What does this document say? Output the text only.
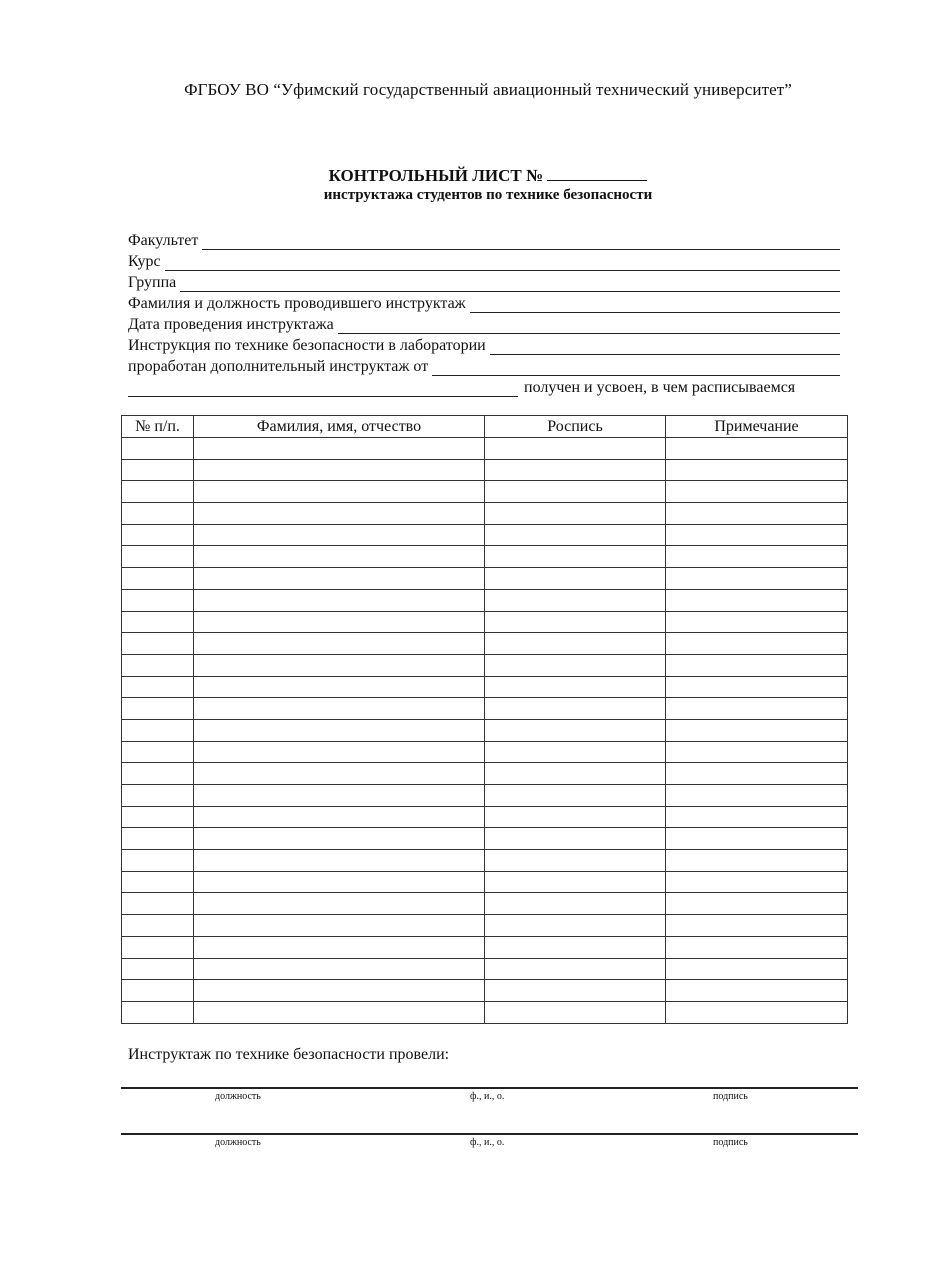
ФГБОУ ВО “Уфимский государственный авиационный технический университет”
КОНТРОЛЬНЫЙ ЛИСТ №
инструктажа студентов по технике безопасности
Факультет
Курс
Группа
Фамилия и должность проводившего инструктаж
Дата проведения инструктажа
Инструкция по технике безопасности в лаборатории
проработан дополнительный инструктаж от
получен и усвоен, в чем расписываемся
№ п/п.	Фамилия, имя, отчество	Роспись	Примечание

Инструктаж по технике безопасности провели:
должность	ф., и., о.	подпись
должность	ф., и., о.	подпись
